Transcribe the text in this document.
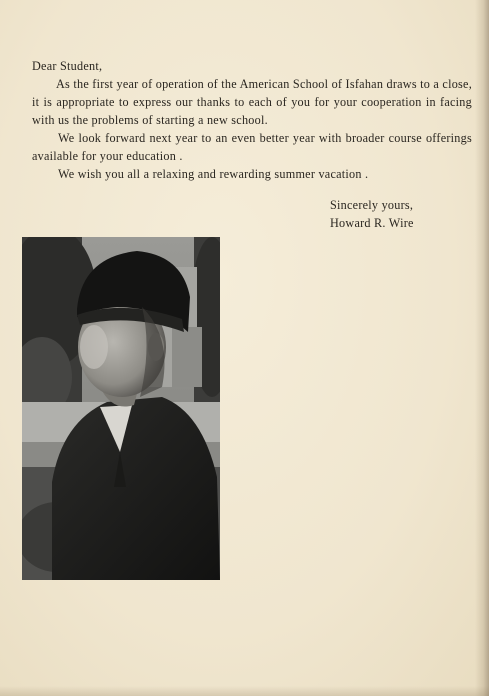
Dear Student,

As the first year of operation of the American School of Isfahan draws to a close, it is appropriate to express our thanks to each of you for your cooperation in facing with us the problems of starting a new school.

We look forward next year to an even better year with broader course offerings available for your education .

We wish you all a relaxing and rewarding summer vacation .

Sincerely yours,
Howard R. Wire
